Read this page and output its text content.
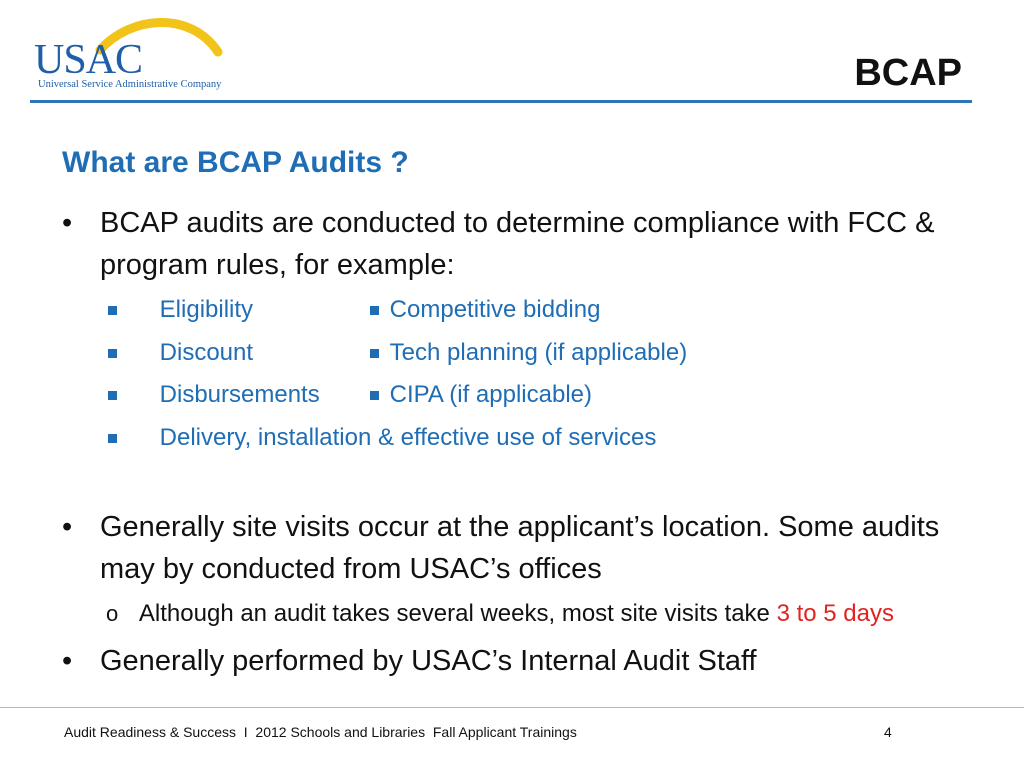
USAC
Universal Service Administrative Company	BCAP
What are BCAP Audits ?
• BCAP audits are conducted to determine compliance with FCC & program rules, for example:
Eligibility	Competitive bidding
Discount	Tech planning (if applicable)
Disbursements	CIPA (if applicable)
Delivery, installation & effective use of services
• Generally site visits occur at the applicant’s location. Some audits may by conducted from USAC’s offices
o Although an audit takes several weeks, most site visits take 3 to 5 days
• Generally performed by USAC’s Internal Audit Staff
Audit Readiness & Success  I  2012 Schools and Libraries  Fall Applicant Trainings	4
